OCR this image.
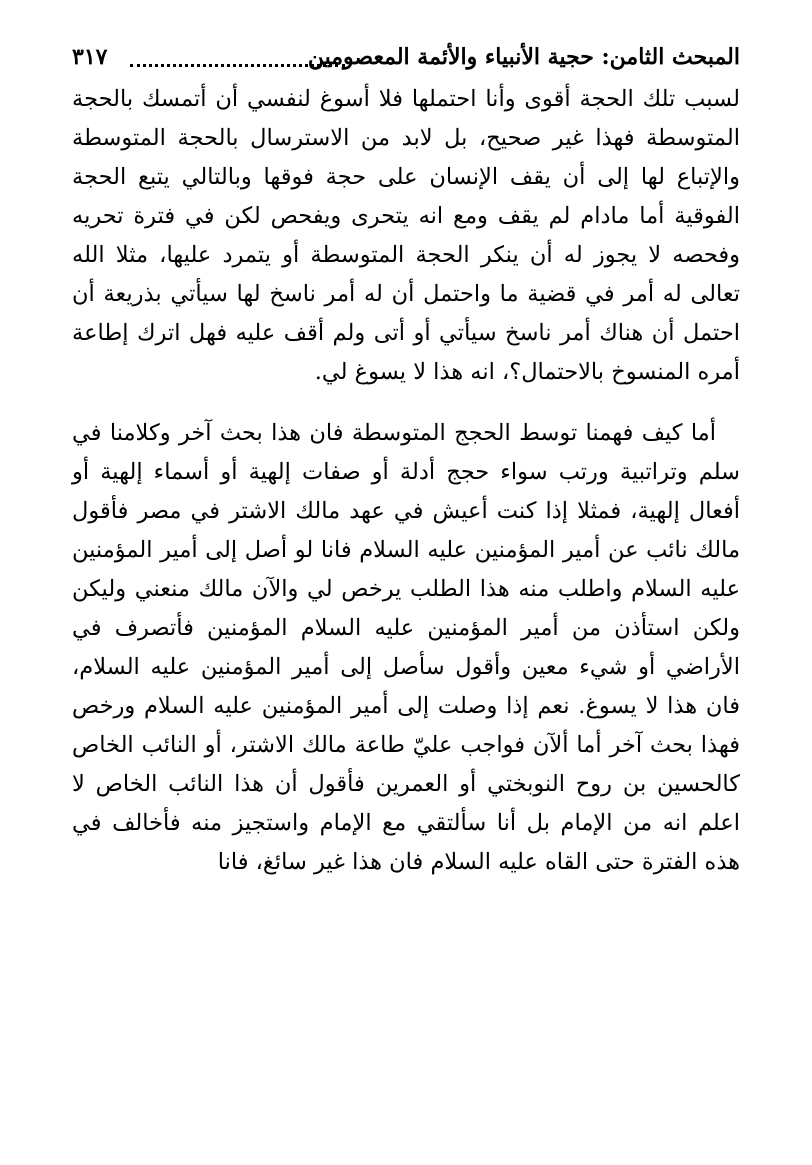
المبحث الثامن: حجية الأنبياء والأئمة المعصومين
٣١٧

لسبب تلك الحجة أقوى وأنا احتملها فلا أسوغ لنفسي أن أتمسك بالحجة المتوسطة فهذا غير صحيح، بل لابد من الاسترسال بالحجة المتوسطة والإتباع لها إلى أن يقف الإنسان على حجة فوقها وبالتالي يتبع الحجة الفوقية أما مادام لم يقف ومع انه يتحرى ويفحص لكن في فترة تحريه وفحصه لا يجوز له أن ينكر الحجة المتوسطة أو يتمرد عليها، مثلا الله تعالى له أمر في قضية ما واحتمل أن له أمر ناسخ لها سيأتي بذريعة أن احتمل أن هناك أمر ناسخ سيأتي أو أتى ولم أقف عليه فهل اترك إطاعة أمره المنسوخ بالاحتمال؟، انه هذا لا يسوغ لي.

أما كيف فهمنا توسط الحجج المتوسطة فان هذا بحث آخر وكلامنا في سلم وتراتبية ورتب سواء حجج أدلة أو صفات إلهية أو أسماء إلهية أو أفعال إلهية، فمثلا إذا كنت أعيش في عهد مالك الاشتر في مصر فأقول مالك نائب عن أمير المؤمنين عليه السلام فانا لو أصل إلى أمير المؤمنين عليه السلام واطلب منه هذا الطلب يرخص لي والآن مالك منعني وليكن ولكن استأذن من أمير المؤمنين عليه السلام المؤمنين فأتصرف في الأراضي أو شيء معين وأقول سأصل إلى أمير المؤمنين عليه السلام، فان هذا لا يسوغ. نعم إذا وصلت إلى أمير المؤمنين عليه السلام ورخص فهذا بحث آخر أما ألآن فواجب عليّ طاعة مالك الاشتر، أو النائب الخاص كالحسين بن روح النوبختي أو العمرين فأقول أن هذا النائب الخاص لا اعلم انه من الإمام بل أنا سألتقي مع الإمام واستجيز منه فأخالف في هذه الفترة حتى القاه عليه السلام فان هذا غير سائغ، فانا
